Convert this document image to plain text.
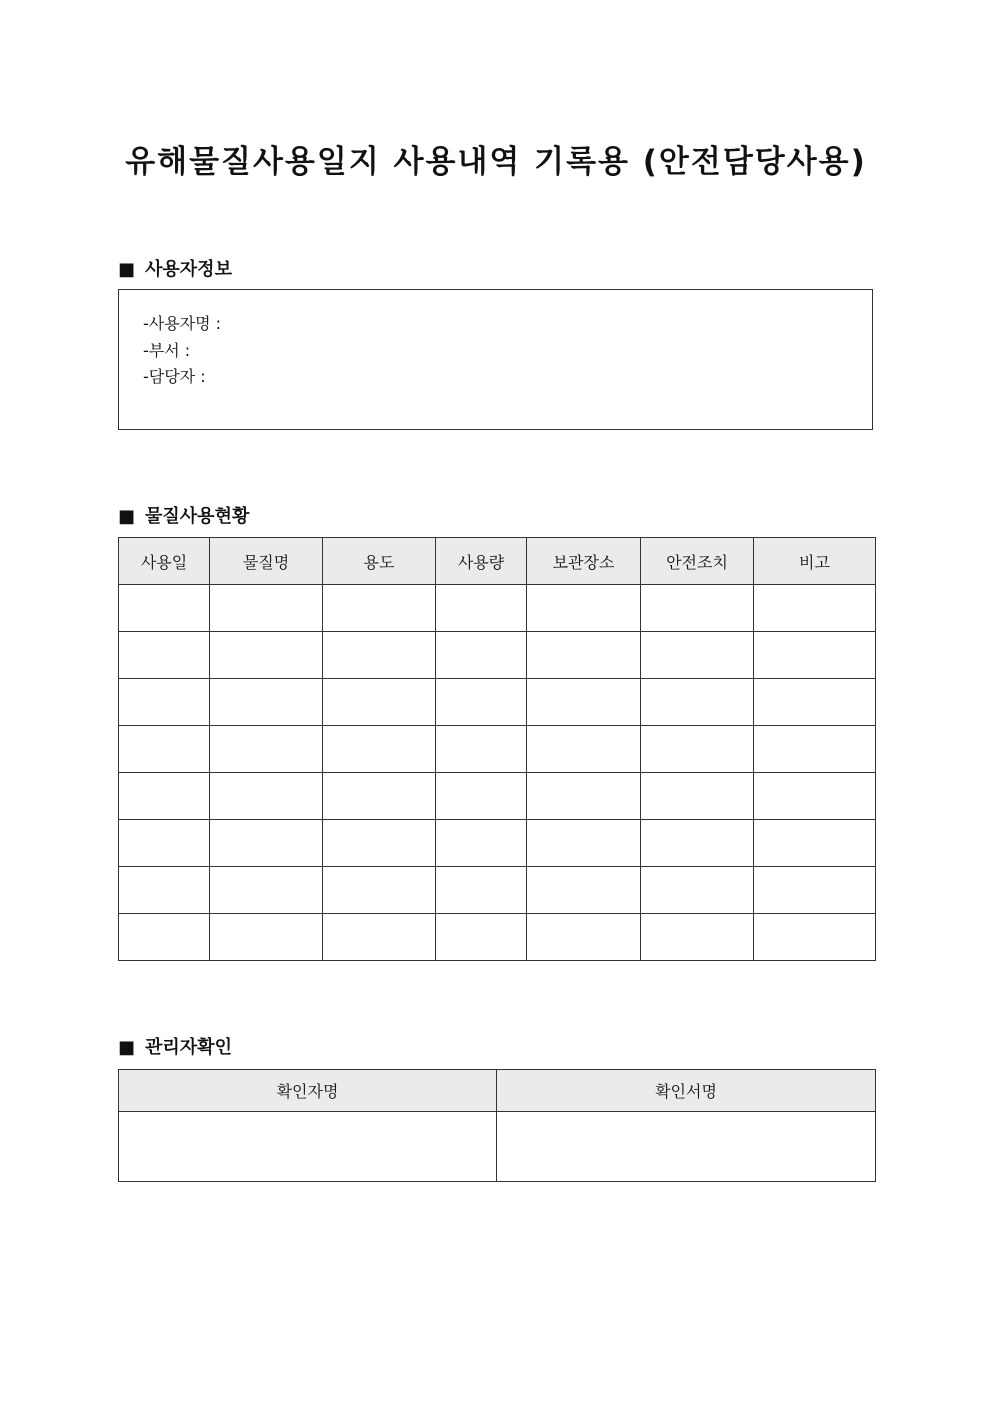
유해물질사용일지 사용내역 기록용 (안전담당사용)
■ 사용자정보
-사용자명 :
-부서 :
-담당자 :
■ 물질사용현황
사용일	물질명	용도	사용량	보관장소	안전조치	비고

■ 관리자확인
확인자명	확인서명
